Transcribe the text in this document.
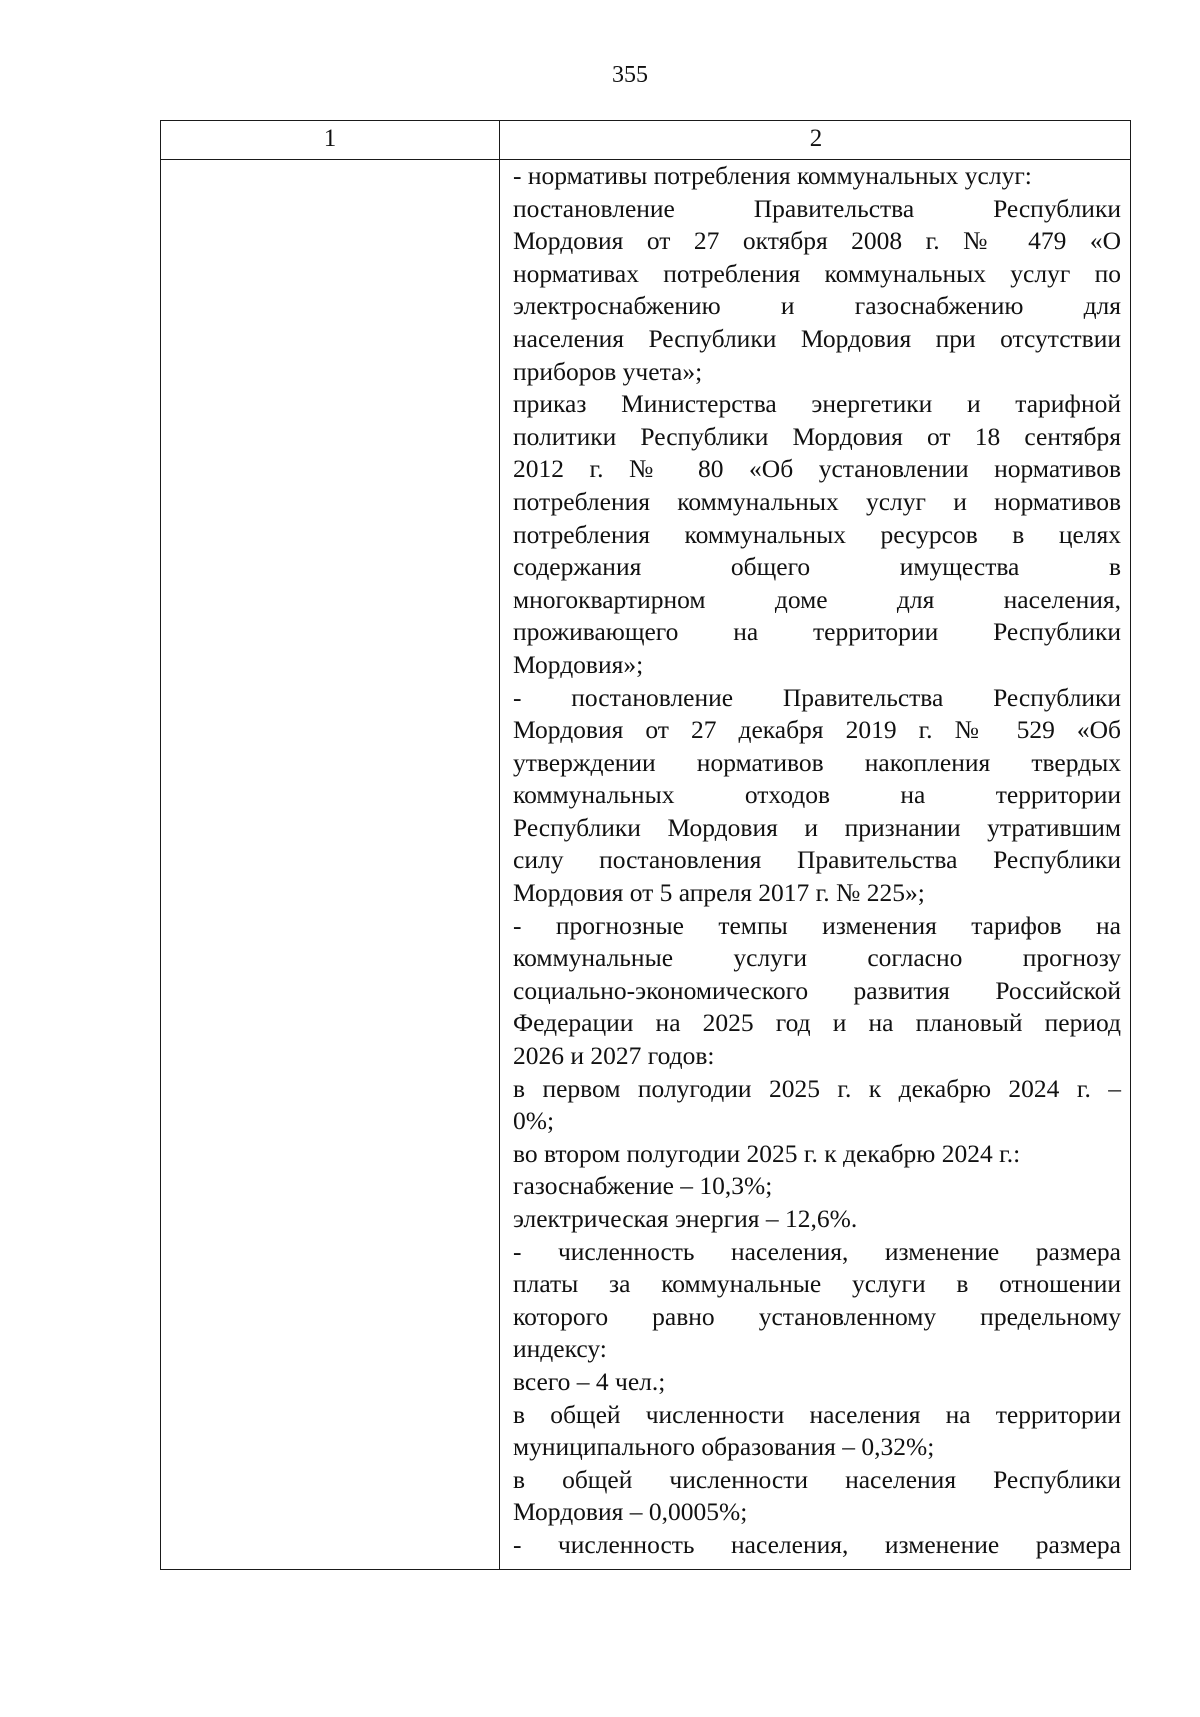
355
1	2
- нормативы потребления коммунальных услуг:
постановление Правительства Республики
Мордовия от 27 октября 2008 г. № 479 «О
нормативах потребления коммунальных услуг по
электроснабжению и газоснабжению для
населения Республики Мордовия при отсутствии
приборов учета»;
приказ Министерства энергетики и тарифной
политики Республики Мордовия от 18 сентября
2012 г. № 80 «Об установлении нормативов
потребления коммунальных услуг и нормативов
потребления коммунальных ресурсов в целях
содержания общего имущества в
многоквартирном доме для населения,
проживающего на территории Республики
Мордовия»;
- постановление Правительства Республики
Мордовия от 27 декабря 2019 г. № 529 «Об
утверждении нормативов накопления твердых
коммунальных отходов на территории
Республики Мордовия и признании утратившим
силу постановления Правительства Республики
Мордовия от 5 апреля 2017 г. № 225»;
- прогнозные темпы изменения тарифов на
коммунальные услуги согласно прогнозу
социально-экономического развития Российской
Федерации на 2025 год и на плановый период
2026 и 2027 годов:
в первом полугодии 2025 г. к декабрю 2024 г. –
0%;
во втором полугодии 2025 г. к декабрю 2024 г.:
газоснабжение – 10,3%;
электрическая энергия – 12,6%.
- численность населения, изменение размера
платы за коммунальные услуги в отношении
которого равно установленному предельному
индексу:
всего – 4 чел.;
в общей численности населения на территории
муниципального образования – 0,32%;
в общей численности населения Республики
Мордовия – 0,0005%;
- численность населения, изменение размера
